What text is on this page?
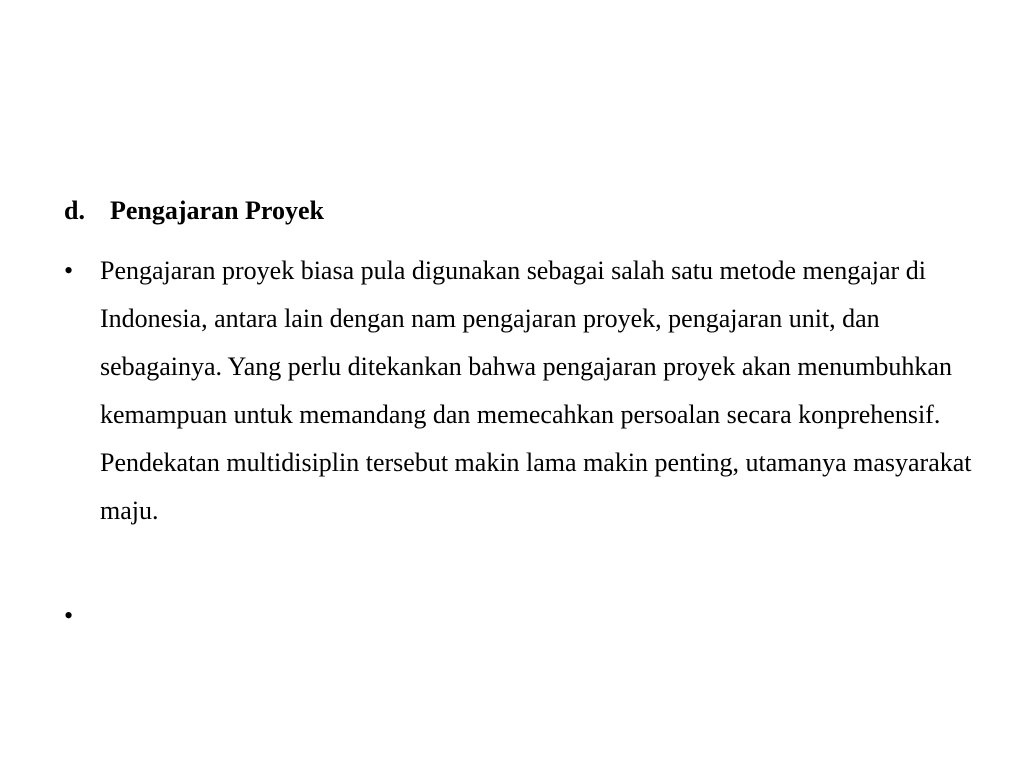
d. Pengajaran Proyek
•	Pengajaran proyek biasa pula digunakan sebagai salah satu metode mengajar di Indonesia, antara lain dengan nam pengajaran proyek, pengajaran unit, dan sebagainya. Yang perlu ditekankan bahwa pengajaran proyek akan menumbuhkan kemampuan untuk memandang dan memecahkan persoalan secara konprehensif. Pendekatan multidisiplin tersebut makin lama makin penting, utamanya masyarakat maju.
•
